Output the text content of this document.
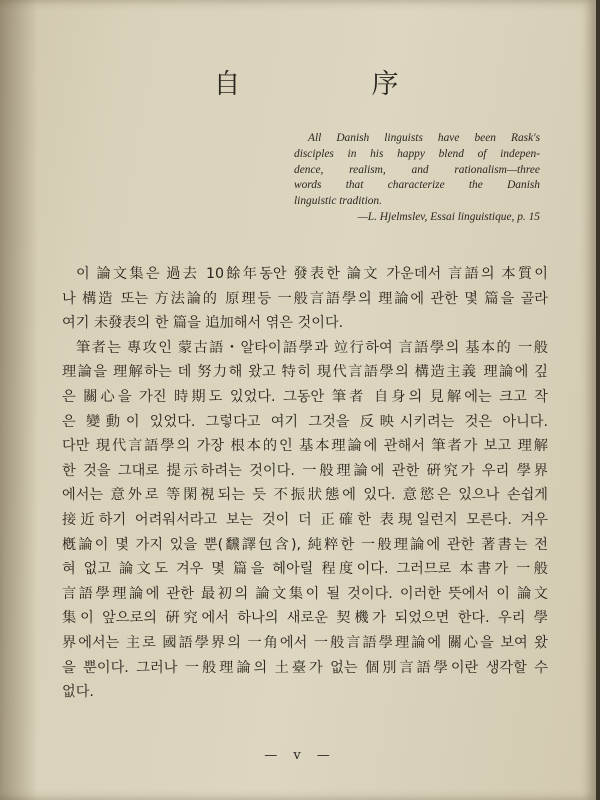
自　序
All Danish linguists have been Rask's
disciples in his happy blend of indepen-
dence, realism, and rationalism—three
words that characterize the Danish
linguistic tradition.
—L. Hjelmslev, Essai linguistique, p. 15
이 論文集은 過去 10餘年동안 發表한 論文 가운데서 言語의 本質이
나 構造 또는 方法論的 原理등 一般言語學의 理論에 관한 몇 篇을 골라
여기 未發表의 한 篇을 追加해서 엮은 것이다.
筆者는 專攻인 蒙古語・알타이語學과 竝行하여 言語學의 基本的 一般
理論을 理解하는 데 努力해 왔고 特히 現代言語學의 構造主義 理論에 깊
은 關心을 가진 時期도 있었다. 그동안 筆者 自身의 見解에는 크고 작
은 變動이 있었다. 그렇다고 여기 그것을 反映시키려는 것은 아니다.
다만 現代言語學의 가장 根本的인 基本理論에 관해서 筆者가 보고 理解
한 것을 그대로 提示하려는 것이다. 一般理論에 관한 硏究가 우리 學界
에서는 意外로 等閑視되는 듯 不振狀態에 있다. 意慾은 있으나 손쉽게
接近하기 어려워서라고 보는 것이 더 正確한 表現일런지 모른다. 겨우
槪論이 몇 가지 있을 뿐(飜譯包含), 純粹한 一般理論에 관한 著書는 전
혀 없고 論文도 겨우 몇 篇을 헤아릴 程度이다. 그러므로 本書가 一般
言語學理論에 관한 最初의 論文集이 될 것이다. 이러한 뜻에서 이 論文
集이 앞으로의 硏究에서 하나의 새로운 契機가 되었으면 한다. 우리 學
界에서는 主로 國語學界의 一角에서 一般言語學理論에 關心을 보여 왔
을 뿐이다. 그러나 一般理論의 土臺가 없는 個別言語學이란 생각할 수
없다.
— v —
